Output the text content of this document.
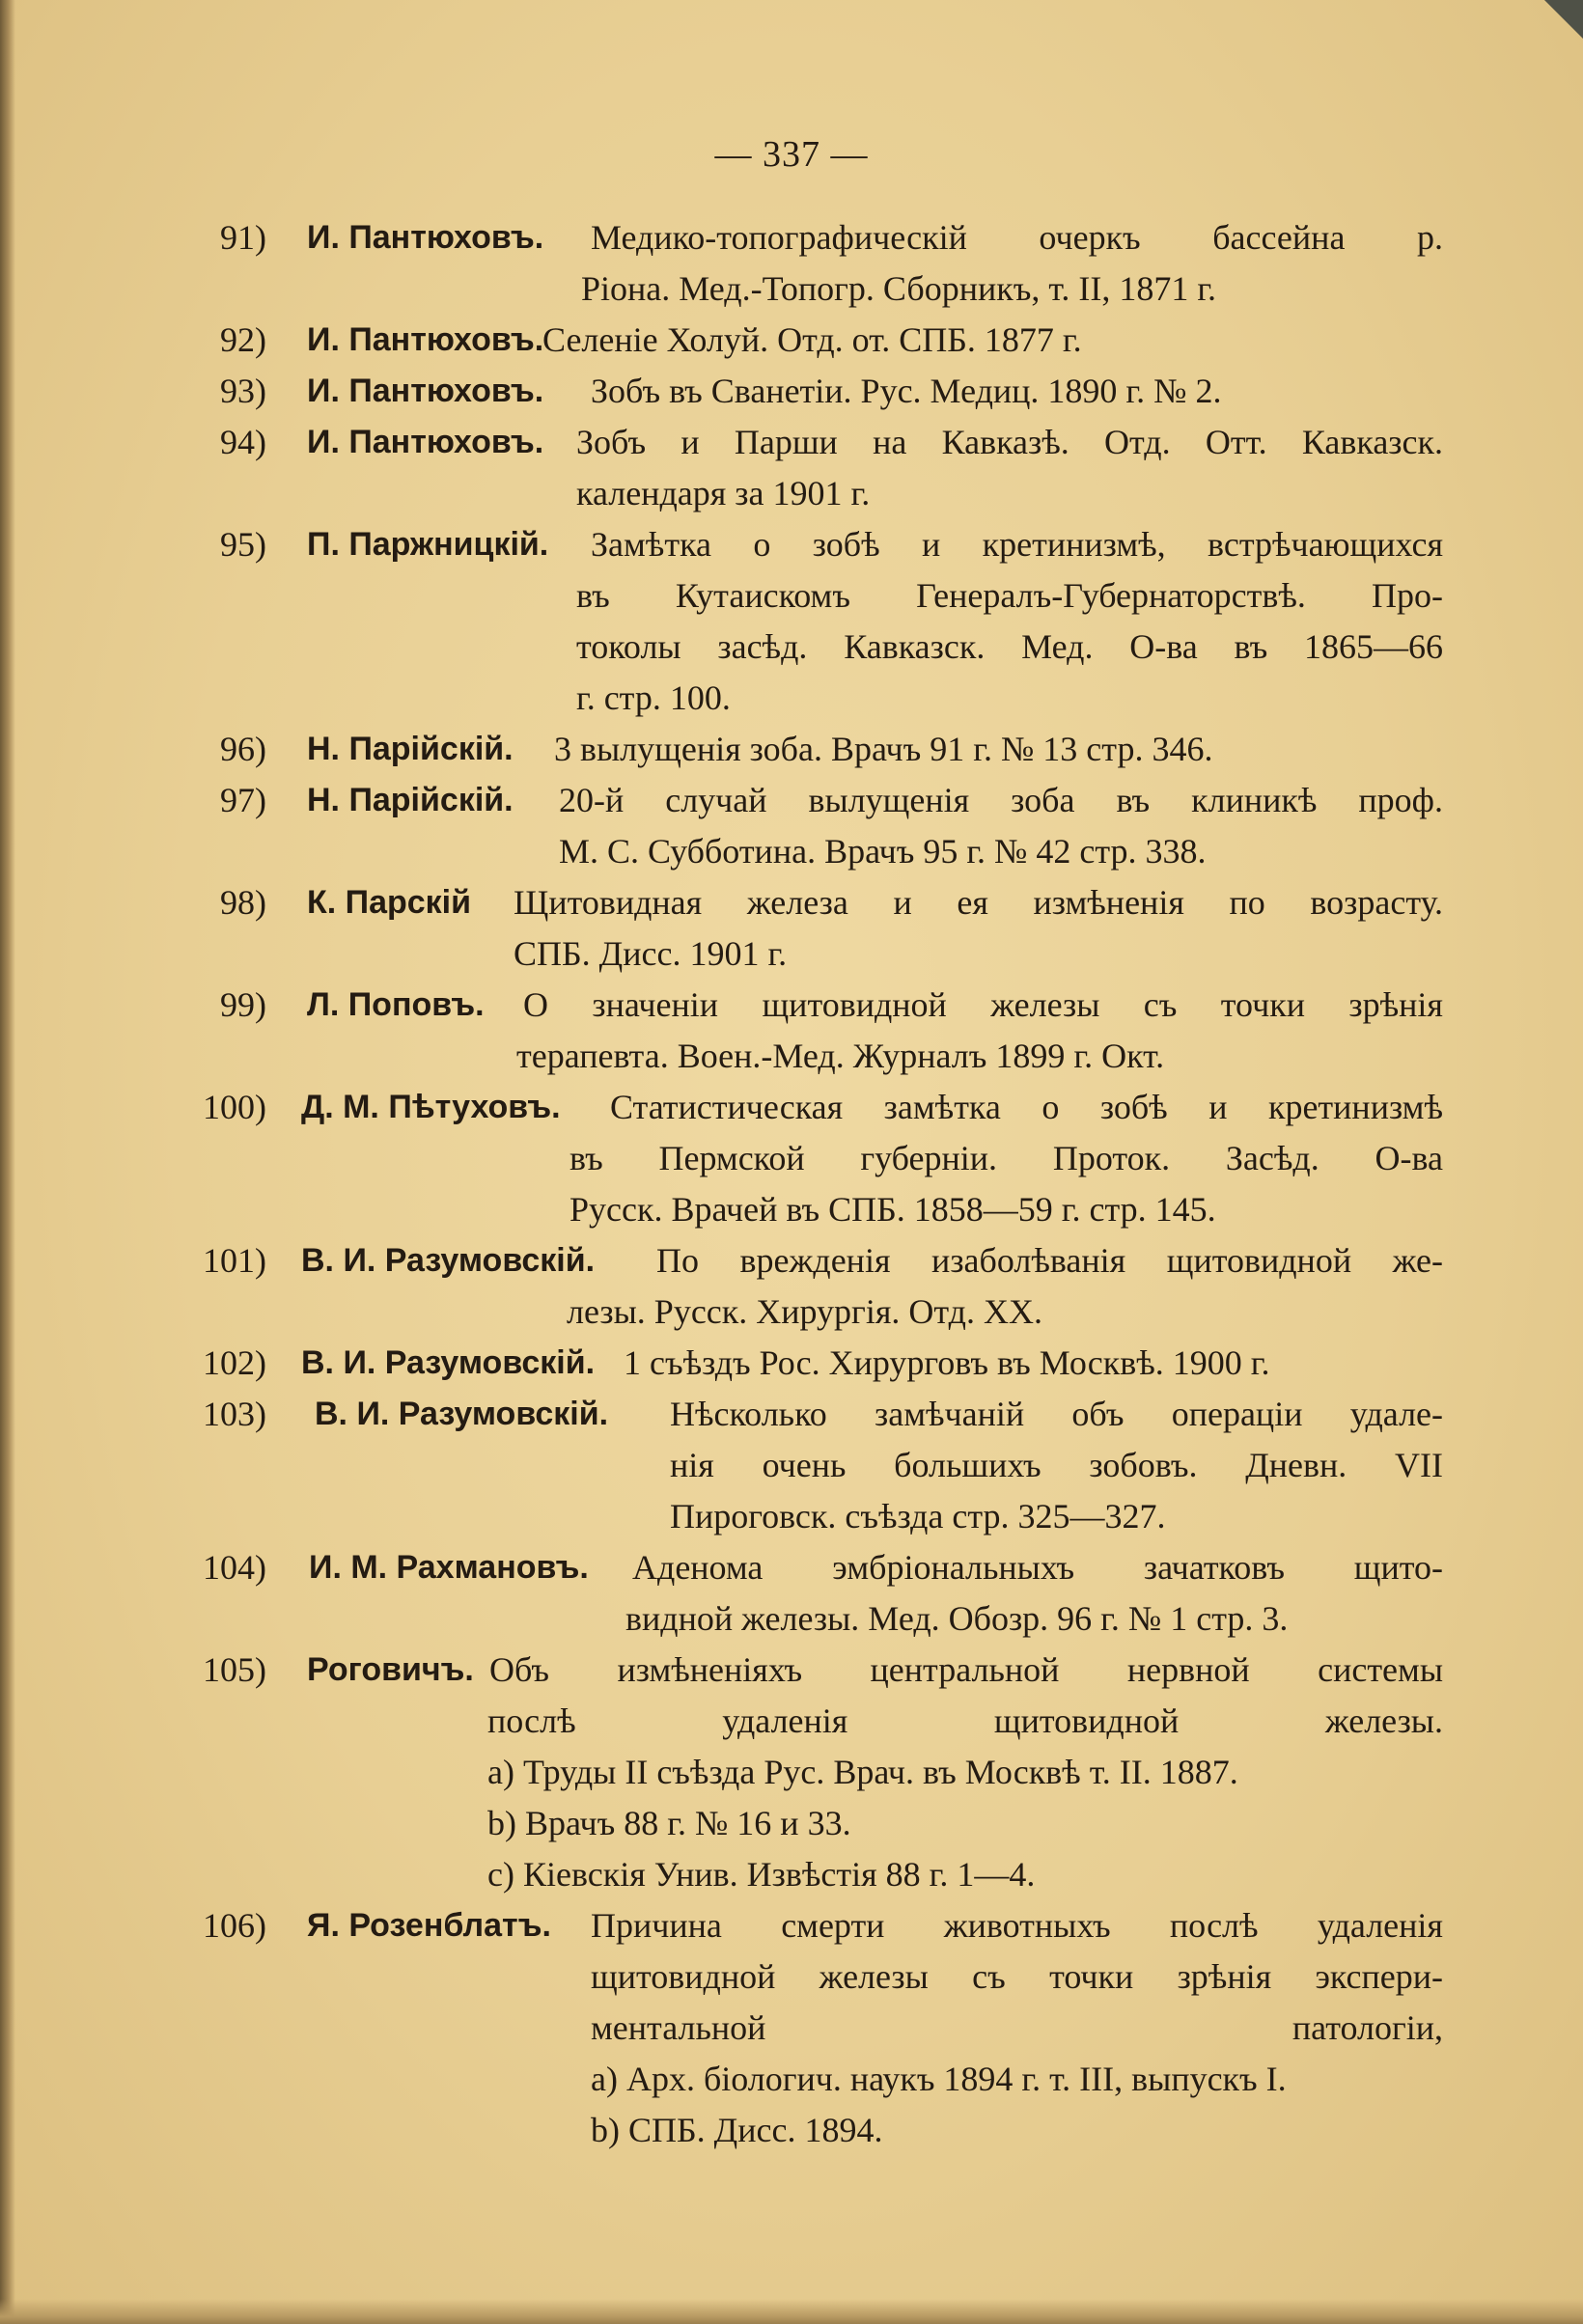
— 337 —
91) И. Пантюховъ. Медико-топографическій очеркъ бассейна р.
Ріона. Мед.-Топогр. Сборникъ, т. II, 1871 г.
92) И. Пантюховъ.
Селеніе Холуй. Отд. от. СПБ. 1877 г.
93) И. Пантюховъ. Зобъ въ Сванетіи. Рус. Медиц. 1890 г. № 2.
94) И. Пантюховъ. Зобъ и Парши на Кавказѣ. Отд. Отт. Кавказск.
календаря за 1901 г.
95) П. Паржницкій. Замѣтка о зобѣ и кретинизмѣ, встрѣчающихся
въ Кутаискомъ Генералъ-Губернаторствѣ. Про-
токолы засѣд. Кавказск. Мед. О-ва въ 1865—66
г. стр. 100.
96) Н. Парійскій. 3 вылущенія зоба. Врачъ 91 г. № 13 стр. 346.
97) Н. Парійскій. 20-й случай вылущенія зоба въ клиникѣ проф.
М. С. Субботина. Врачъ 95 г. № 42 стр. 338.
98) К. Парскій Щитовидная железа и ея измѣненія по возрасту.
СПБ. Дисс. 1901 г.
99) Л. Поповъ. О значеніи щитовидной железы съ точки зрѣнія
терапевта. Воен.-Мед. Журналъ 1899 г. Окт.
100) Д. М. Пѣтуховъ. Статистическая замѣтка о зобѣ и кретинизмѣ
въ Пермской губерніи. Проток. Засѣд. О-ва
Русск. Врачей въ СПБ. 1858—59 г. стр. 145.
101) В. И. Разумовскій. По врежденія изаболѣванія щитовидной же-
лезы. Русск. Хирургія. Отд. XX.
102) В. И. Разумовскій. 1 съѣздъ Рос. Хирурговъ въ Москвѣ. 1900 г.
103) В. И. Разумовскій. Нѣсколько замѣчаній объ операціи удале-
нія очень большихъ зобовъ. Дневн. VII
Пироговск. съѣзда стр. 325—327.
104) И. М. Рахмановъ. Аденома эмбріональныхъ зачатковъ щито-
видной железы. Мед. Обозр. 96 г. № 1 стр. 3.
105) Роговичъ. Объ измѣненіяхъ центральной нервной системы
послѣ удаленія щитовидной железы.
a) Труды II съѣзда Рус. Врач. въ Москвѣ т. II. 1887.
b) Врачъ 88 г. № 16 и 33.
c) Кіевскія Унив. Извѣстія 88 г. 1—4.
106) Я. Розенблатъ. Причина смерти животныхъ послѣ удаленія
щитовидной железы съ точки зрѣнія экспери-
ментальной патологіи,
a) Арх. біологич. наукъ 1894 г. т. III, выпускъ I.
b) СПБ. Дисс. 1894.
